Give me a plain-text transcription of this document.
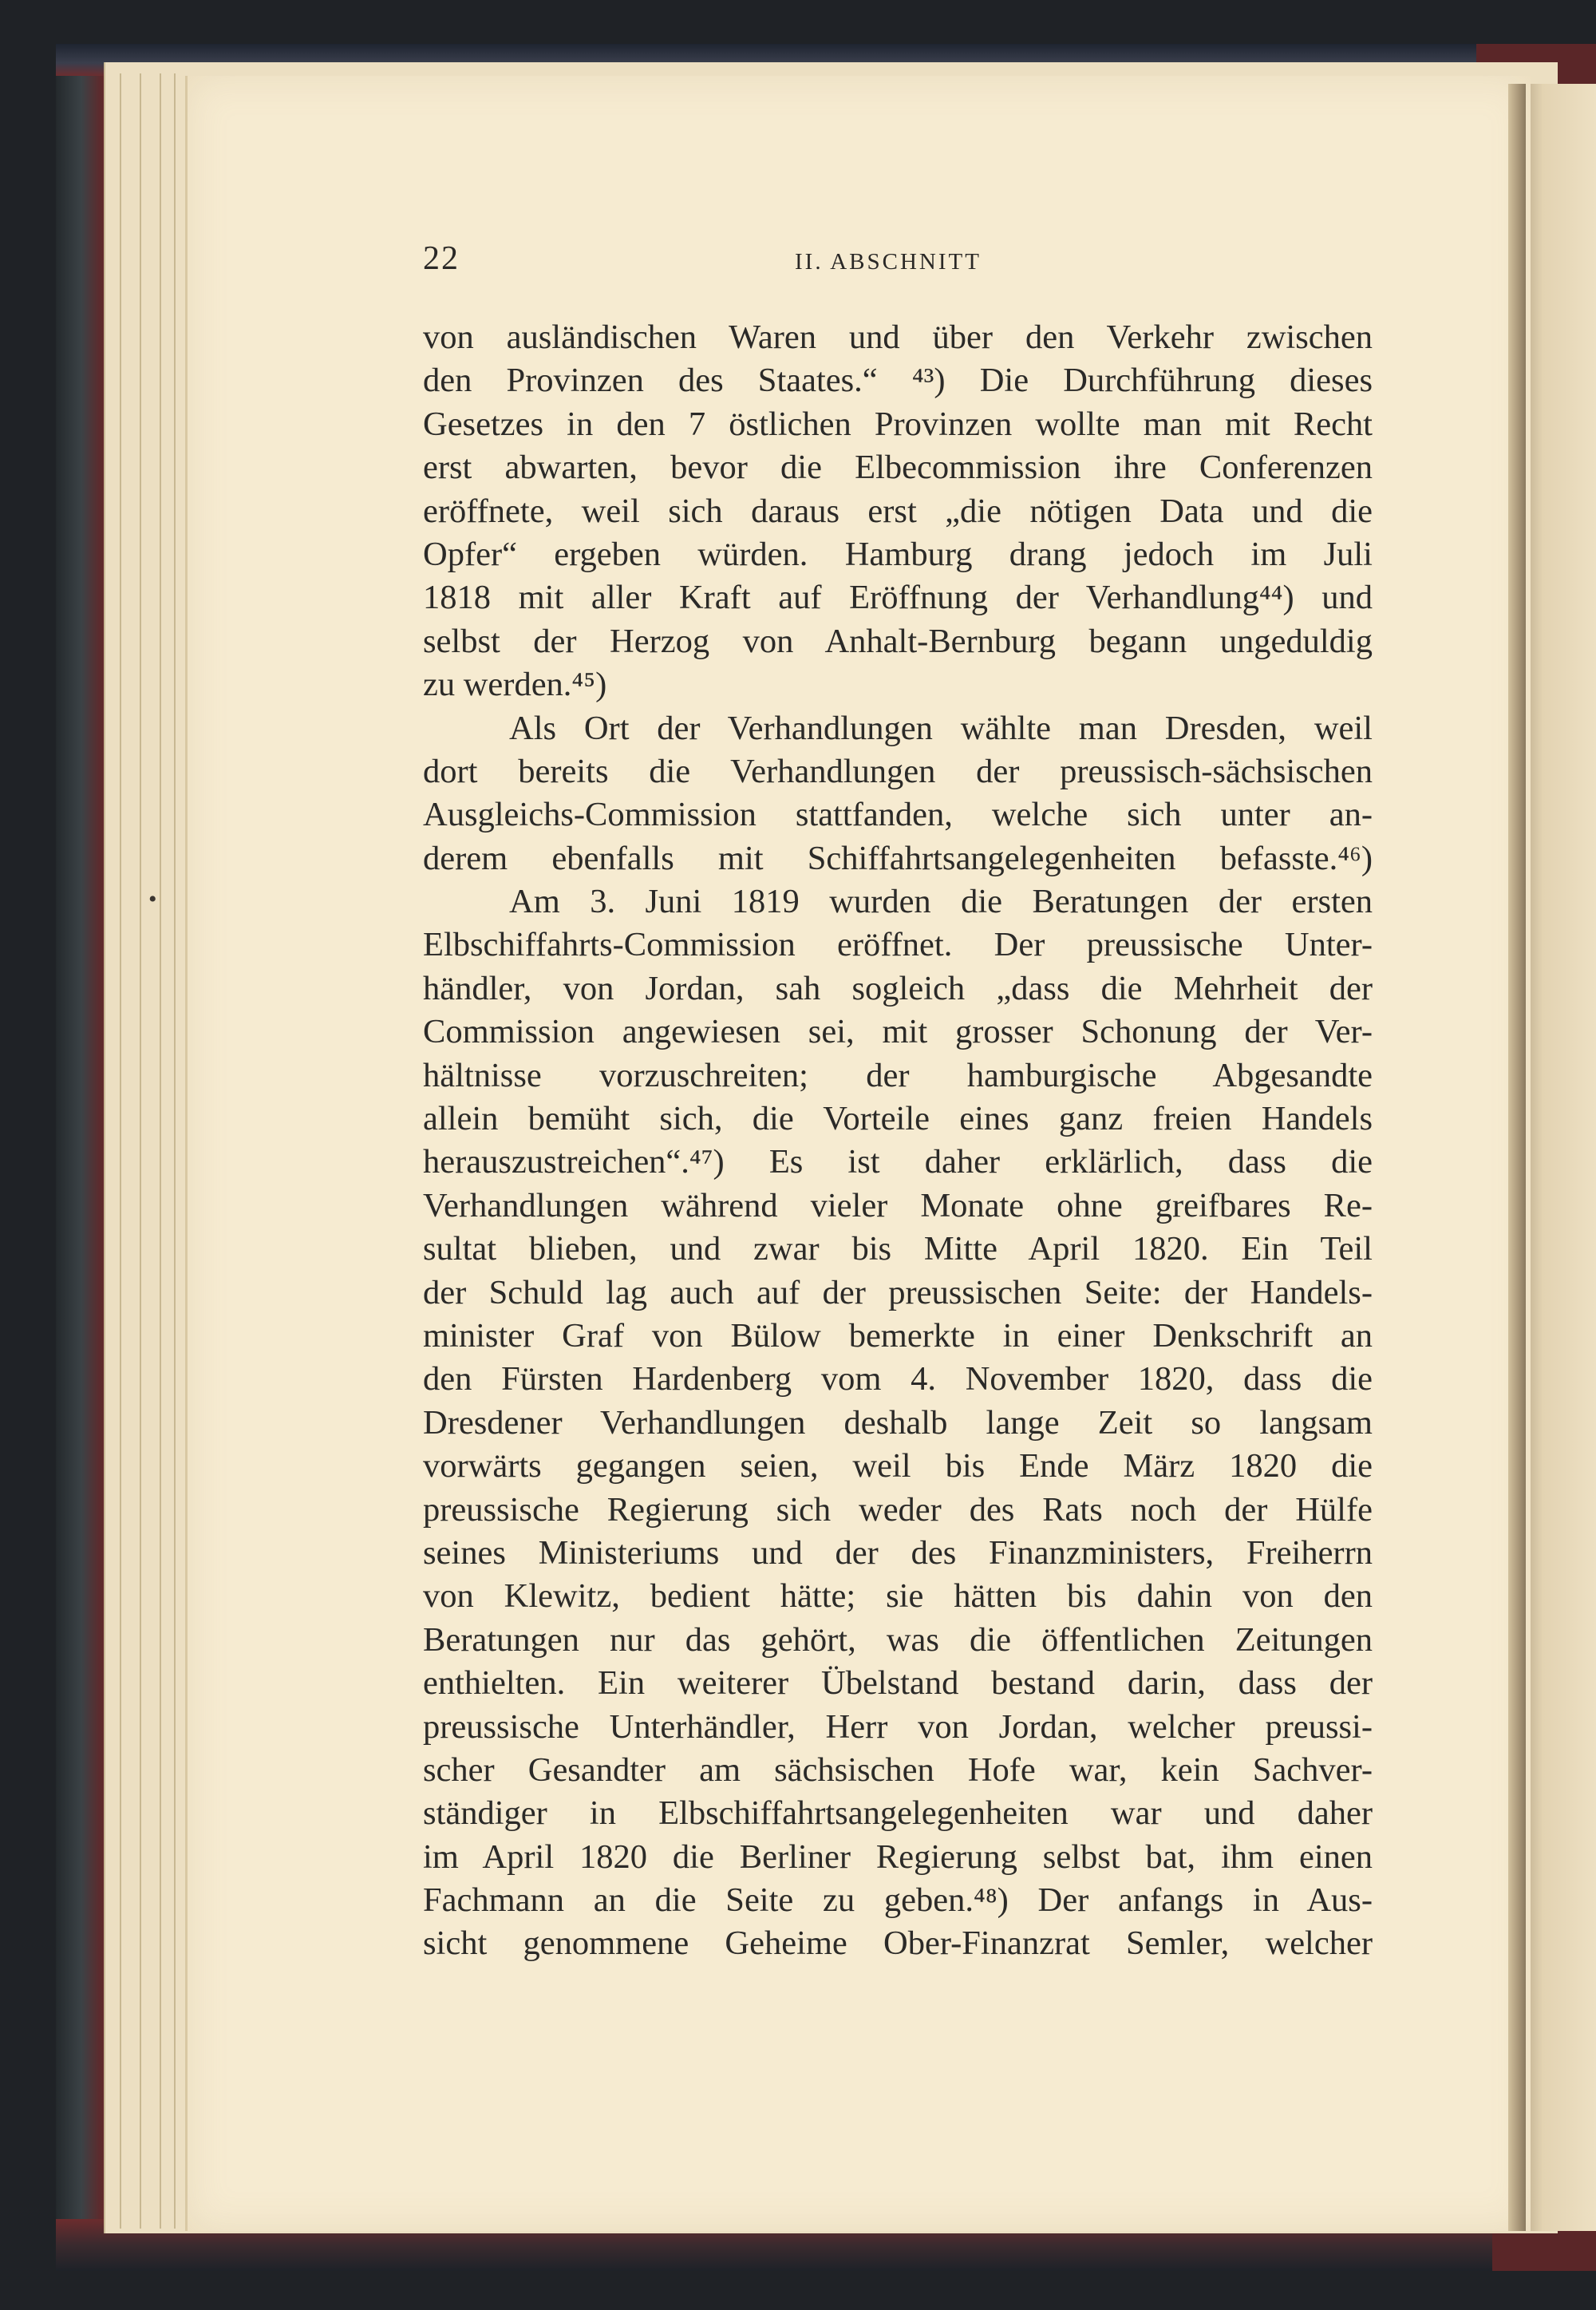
•
22	II. ABSCHNITT
von ausländischen Waren und über den Verkehr zwischen
den Provinzen des Staates.“ ⁴³) Die Durchführung dieses
Gesetzes in den 7 östlichen Provinzen wollte man mit Recht
erst abwarten, bevor die Elbecommission ihre Conferenzen
eröffnete, weil sich daraus erst „die nötigen Data und die
Opfer“ ergeben würden. Hamburg drang jedoch im Juli
1818 mit aller Kraft auf Eröffnung der Verhandlung⁴⁴) und
selbst der Herzog von Anhalt-Bernburg begann ungeduldig
zu werden.⁴⁵)
Als Ort der Verhandlungen wählte man Dresden, weil
dort bereits die Verhandlungen der preussisch-sächsischen
Ausgleichs-Commission stattfanden, welche sich unter an-
derem ebenfalls mit Schiffahrtsangelegenheiten befasste.⁴⁶)
Am 3. Juni 1819 wurden die Beratungen der ersten
Elbschiffahrts-Commission eröffnet. Der preussische Unter-
händler, von Jordan, sah sogleich „dass die Mehrheit der
Commission angewiesen sei, mit grosser Schonung der Ver-
hältnisse vorzuschreiten; der hamburgische Abgesandte
allein bemüht sich, die Vorteile eines ganz freien Handels
herauszustreichen“.⁴⁷) Es ist daher erklärlich, dass die
Verhandlungen während vieler Monate ohne greifbares Re-
sultat blieben, und zwar bis Mitte April 1820. Ein Teil
der Schuld lag auch auf der preussischen Seite: der Handels-
minister Graf von Bülow bemerkte in einer Denkschrift an
den Fürsten Hardenberg vom 4. November 1820, dass die
Dresdener Verhandlungen deshalb lange Zeit so langsam
vorwärts gegangen seien, weil bis Ende März 1820 die
preussische Regierung sich weder des Rats noch der Hülfe
seines Ministeriums und der des Finanzministers, Freiherrn
von Klewitz, bedient hätte; sie hätten bis dahin von den
Beratungen nur das gehört, was die öffentlichen Zeitungen
enthielten. Ein weiterer Übelstand bestand darin, dass der
preussische Unterhändler, Herr von Jordan, welcher preussi-
scher Gesandter am sächsischen Hofe war, kein Sachver-
ständiger in Elbschiffahrtsangelegenheiten war und daher
im April 1820 die Berliner Regierung selbst bat, ihm einen
Fachmann an die Seite zu geben.⁴⁸) Der anfangs in Aus-
sicht genommene Geheime Ober-Finanzrat Semler, welcher
